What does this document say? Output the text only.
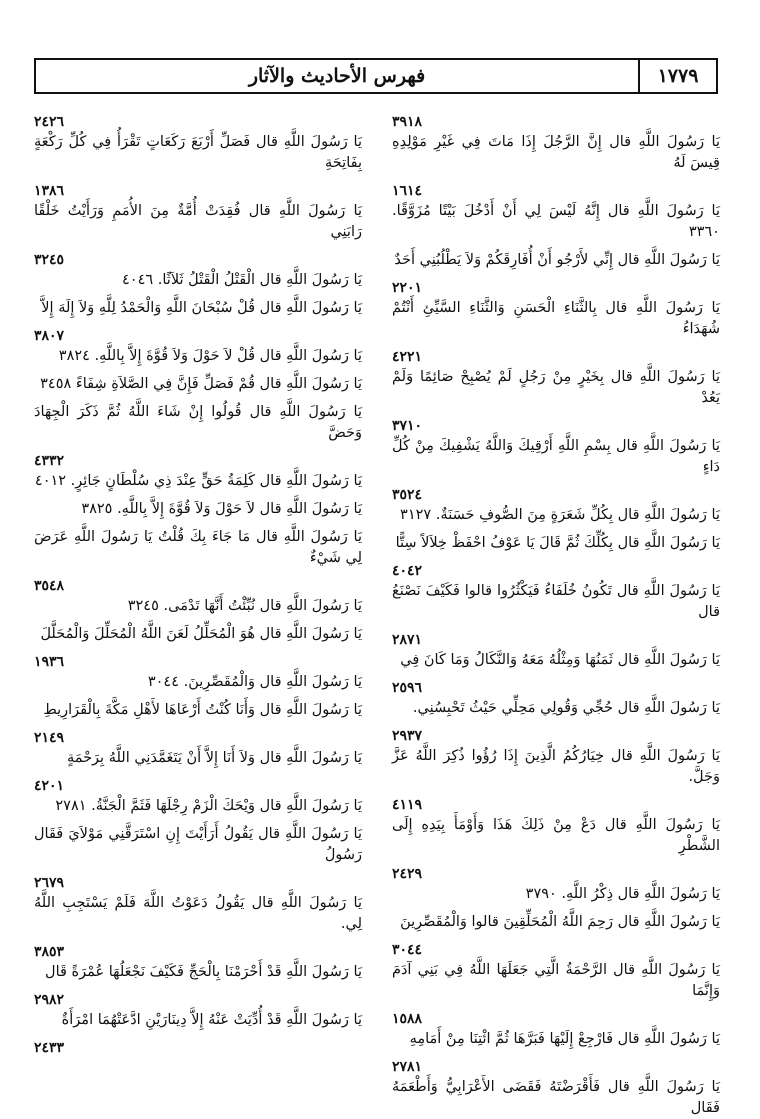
فهرس الأحاديث والآثار	١٧٧٩
٣٩١٨
يَا رَسُولَ اللَّهِ قال إِنَّ الرَّجُلَ إِذَا مَاتَ فِي غَيْرِ مَوْلِدِهِ قِيسَ لَهُ
١٦١٤
يَا رَسُولَ اللَّهِ قال إِنَّهُ لَيْسَ لِي أَنْ أَدْخُلَ بَيْتًا مُزَوَّقًا. ٣٣٦٠
يَا رَسُولَ اللَّهِ قال إِنِّي لأَرْجُو أَنْ أُفَارِقَكُمْ وَلاَ يَطْلُبُنِي أَحَدٌ
٢٢٠١
يَا رَسُولَ اللَّهِ قال بِالثَّنَاءِ الْحَسَنِ وَالثَّنَاءِ السَّيِّئِ أَنْتُمْ شُهَدَاءُ
٤٢٢١
يَا رَسُولَ اللَّهِ قال بِخَيْرٍ مِنْ رَجُلٍ لَمْ يُصْبِحْ صَائِمًا وَلَمْ يَعُدْ
٣٧١٠
يَا رَسُولَ اللَّهِ قال بِسْمِ اللَّهِ أَرْقِيكَ وَاللَّهُ يَشْفِيكَ مِنْ كُلِّ دَاءٍ
٣٥٢٤
يَا رَسُولَ اللَّهِ قال بِكُلِّ شَعَرَةٍ مِنَ الصُّوفِ حَسَنَةٌ. ٣١٢٧
يَا رَسُولَ اللَّهِ قال بِكُلِّكَ ثُمَّ قَالَ يَا عَوْفُ احْفَظْ خِلاَلاً سِتًّا
٤٠٤٢
يَا رَسُولَ اللَّهِ قال تَكُونُ خُلَفَاءُ فَيَكْثُرُوا قالوا فَكَيْفَ نَصْنَعُ قال
٢٨٧١
يَا رَسُولَ اللَّهِ قال ثَمَنُهَا وَمِثْلُهُ مَعَهُ وَالنَّكَالُ وَمَا كَانَ فِي
٢٥٩٦
يَا رَسُولَ اللَّهِ قال حُجِّي وَقُولِي مَحِلِّي حَيْثُ تَحْبِسُنِي.
٢٩٣٧
يَا رَسُولَ اللَّهِ قال خِيَارُكُمُ الَّذِينَ إِذَا رُؤُوا ذُكِرَ اللَّهُ عَزَّ وَجَلَّ.
٤١١٩
يَا رَسُولَ اللَّهِ قال دَعْ مِنْ ذَلِكَ هَذَا وَأَوْمَأَ بِيَدِهِ إِلَى الشَّطْرِ
٢٤٢٩
يَا رَسُولَ اللَّهِ قال ذِكْرُ اللَّهِ. ٣٧٩٠
يَا رَسُولَ اللَّهِ قال رَحِمَ اللَّهُ الْمُحَلِّقِينَ قالوا وَالْمُقَصِّرِينَ
٣٠٤٤
يَا رَسُولَ اللَّهِ قال الرَّحْمَةُ الَّتِي جَعَلَهَا اللَّهُ فِي بَنِي آدَمَ وَإِنَّمَا
١٥٨٨
يَا رَسُولَ اللَّهِ قال فَارْجِعْ إِلَيْهَا فَبَرَّهَا ثُمَّ ائْتِنَا مِنْ أَمَامِهِ
٢٧٨١
يَا رَسُولَ اللَّهِ قال فَأَقْرَضْتَهُ فَقَضَى الأَعْرَابِيُّ وَأَطْعَمَهُ فَقَال
٢٤٢٦
يَا رَسُولَ اللَّهِ قال فَصَلِّ أَرْبَعَ رَكَعَاتٍ تَقْرَأُ فِي كُلِّ رَكْعَةٍ بِفَاتِحَةِ
١٣٨٦
يَا رَسُولَ اللَّهِ قال فُقِدَتْ أُمَّةٌ مِنَ الأُمَمِ وَرَأَيْتُ خَلْقًا رَابَنِي
٣٢٤٥
يَا رَسُولَ اللَّهِ قال الْقَتْلُ الْقَتْلُ ثَلاَثًا. ٤٠٤٦
يَا رَسُولَ اللَّهِ قال قُلْ سُبْحَانَ اللَّهِ وَالْحَمْدُ لِلَّهِ وَلاَ إِلَهَ إِلاَّ
٣٨٠٧
يَا رَسُولَ اللَّهِ قال قُلْ لاَ حَوْلَ وَلاَ قُوَّةَ إِلاَّ بِاللَّهِ. ٣٨٢٤
يَا رَسُولَ اللَّهِ قال قُمْ فَصَلِّ فَإِنَّ فِي الصَّلاَةِ شِفَاءً ٣٤٥٨
يَا رَسُولَ اللَّهِ قال قُولُوا إِنْ شَاءَ اللَّهُ ثُمَّ ذَكَرَ الْجِهَادَ وَحَضَّ
٤٣٣٢
يَا رَسُولَ اللَّهِ قال كَلِمَةُ حَقٍّ عِنْدَ ذِي سُلْطَانٍ جَائِرٍ. ٤٠١٢
يَا رَسُولَ اللَّهِ قال لاَ حَوْلَ وَلاَ قُوَّةَ إِلاَّ بِاللَّهِ. ٣٨٢٥
يَا رَسُولَ اللَّهِ قال مَا جَاءَ بِكَ قُلْتُ يَا رَسُولَ اللَّهِ عَرَضَ لِي شَيْءٌ
٣٥٤٨
يَا رَسُولَ اللَّهِ قال نُبِّئْتُ أَنَّهَا تَدْمَى. ٣٢٤٥
يَا رَسُولَ اللَّهِ قال هُوَ الْمُحَلِّلُ لَعَنَ اللَّهُ الْمُحَلِّلَ وَالْمُحَلَّلَ
١٩٣٦
يَا رَسُولَ اللَّهِ قال وَالْمُقَصِّرِينَ. ٣٠٤٤
يَا رَسُولَ اللَّهِ قال وَأَنَا كُنْتُ أَرْعَاهَا لأَهْلِ مَكَّةَ بِالْقَرَارِيطِ
٢١٤٩
يَا رَسُولَ اللَّهِ قال وَلاَ أَنَا إِلاَّ أَنْ يَتَغَمَّدَنِي اللَّهُ بِرَحْمَةٍ
٤٢٠١
يَا رَسُولَ اللَّهِ قال وَيْحَكَ الْزَمْ رِجْلَهَا فَثَمَّ الْجَنَّةُ. ٢٧٨١
يَا رَسُولَ اللَّهِ قال يَقُولُ أَرَأَيْتَ إِنِ اسْتَرَقَّنِي مَوْلاَيَ فَقَال رَسُولُ
٢٦٧٩
يَا رَسُولَ اللَّهِ قال يَقُولُ دَعَوْتُ اللَّهَ فَلَمْ يَسْتَجِبِ اللَّهُ لِي.
٣٨٥٣
يَا رَسُولَ اللَّهِ قَدْ أَحْرَمْنَا بِالْحَجِّ فَكَيْفَ نَجْعَلُهَا عُمْرَةً قَال
٢٩٨٢
يَا رَسُولَ اللَّهِ قَدْ أُدِّيَتْ عَنْهُ إِلاَّ دِينَارَيْنِ ادَّعَتْهُمَا امْرَأَةٌ
٢٤٣٣
